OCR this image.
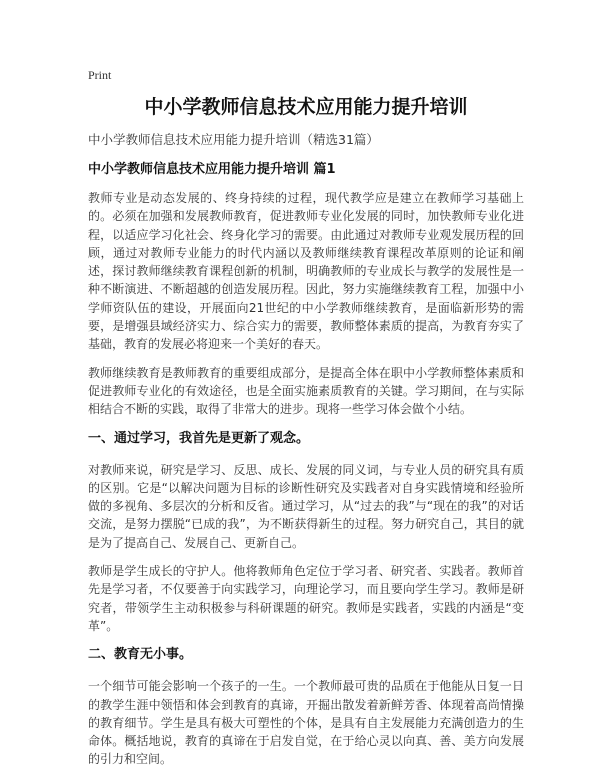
Print
中小学教师信息技术应用能力提升培训
中小学教师信息技术应用能力提升培训（精选31篇）
中小学教师信息技术应用能力提升培训 篇1

教师专业是动态发展的、终身持续的过程，现代教学应是建立在教师学习基础上的。必须在加强和发展教师教育，促进教师专业化发展的同时，加快教师专业化进程，以适应学习化社会、终身化学习的需要。由此通过对教师专业观发展历程的回顾，通过对教师专业能力的时代内涵以及教师继续教育课程改革原则的论证和阐述，探讨教师继续教育课程创新的机制，明确教师的专业成长与教学的发展性是一种不断演进、不断超越的创造发展历程。因此，努力实施继续教育工程，加强中小学师资队伍的建设，开展面向21世纪的中小学教师继续教育，是面临新形势的需要，是增强县域经济实力、综合实力的需要，教师整体素质的提高，为教育夯实了基础，教育的发展必将迎来一个美好的春天。

教师继续教育是教师教育的重要组成部分，是提高全体在职中小学教师整体素质和促进教师专业化的有效途径，也是全面实施素质教育的关键。学习期间，在与实际相结合不断的实践，取得了非常大的进步。现将一些学习体会做个小结。

一、通过学习，我首先是更新了观念。

对教师来说，研究是学习、反思、成长、发展的同义词，与专业人员的研究具有质的区别。它是“以解决问题为目标的诊断性研究及实践者对自身实践情境和经验所做的多视角、多层次的分析和反省。通过学习，从“过去的我”与“现在的我”的对话交流，是努力摆脱“已成的我”，为不断获得新生的过程。努力研究自己，其目的就是为了提高自己、发展自己、更新自己。

教师是学生成长的守护人。他将教师角色定位于学习者、研究者、实践者。教师首先是学习者，不仅要善于向实践学习，向理论学习，而且要向学生学习。教师是研究者，带领学生主动积极参与科研课题的研究。教师是实践者，实践的内涵是“变革”。

二、教育无小事。

一个细节可能会影响一个孩子的一生。一个教师最可贵的品质在于他能从日复一日的教学生涯中领悟和体会到教育的真谛，开掘出散发着新鲜芳香、体现着高尚情操的教育细节。学生是具有极大可塑性的个体，是具有自主发展能力充满创造力的生命体。概括地说，教育的真谛在于启发自觉，在于给心灵以向真、善、美方向发展的引力和空间。
